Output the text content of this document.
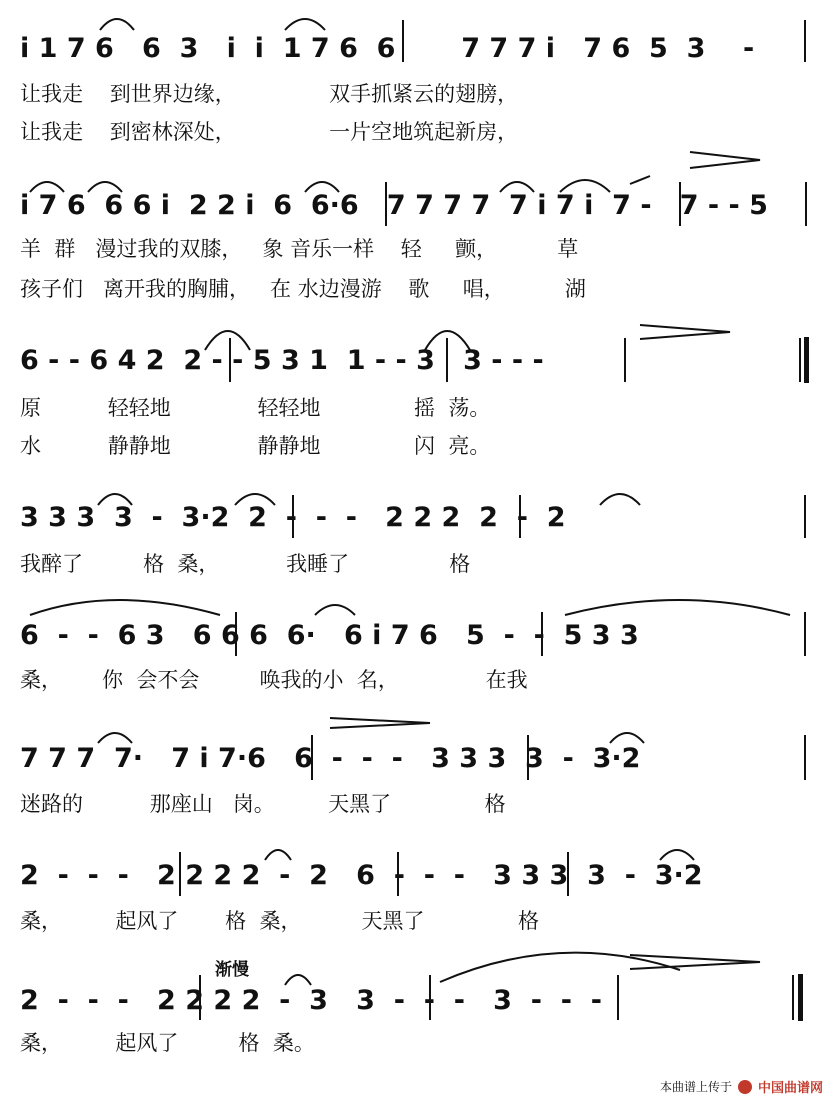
i 1 7 6   6  3   i  i  1 7 6  6       7 7 7 i   7 6  5  3    -

让我走    到世界边缘，              双手抓紧云的翅膀，
让我走    到密林深处，              一片空地筑起新房，

i 7 6  6 6 i  2 2 i  6  6·6   7 7 7 7  7 i 7 i  7 -   7 - - 5

羊  群   漫过我的双膝，   象 音乐一样    轻     颤，         草
孩子们   离开我的胸脯，   在 水边漫游    歌     唱，         湖

6 - - 6 4 2  2 - - 5 3 1  1 - - 3   3 - - -

原          轻轻地             轻轻地              摇  荡。
水          静静地             静静地              闪  亮。

3 3 3  3  -  3·2  2  -  -  -   2 2 2  2  -  2

我醉了         格  桑，          我睡了               格

6  -  -  6 3   6 6 6  6·   6 i 7 6   5  -  -  5 3 3

桑，      你  会不会         唤我的小  名，             在我

7 7 7  7·   7 i 7·6   6  -  -  -   3 3 3  3  -  3·2

迷路的          那座山   岗。        天黑了              格

2  -  -  -   2 2 2 2  -  2   6  -  -  -   3 3 3  3  -  3·2

桑，        起风了       格  桑，         天黑了              格

2  -  -  -   2 2 2 2  -  3   3  -  -  -   3  -  -  -

桑，        起风了         格  桑。
渐慢
本曲谱上传于 中国曲谱网
